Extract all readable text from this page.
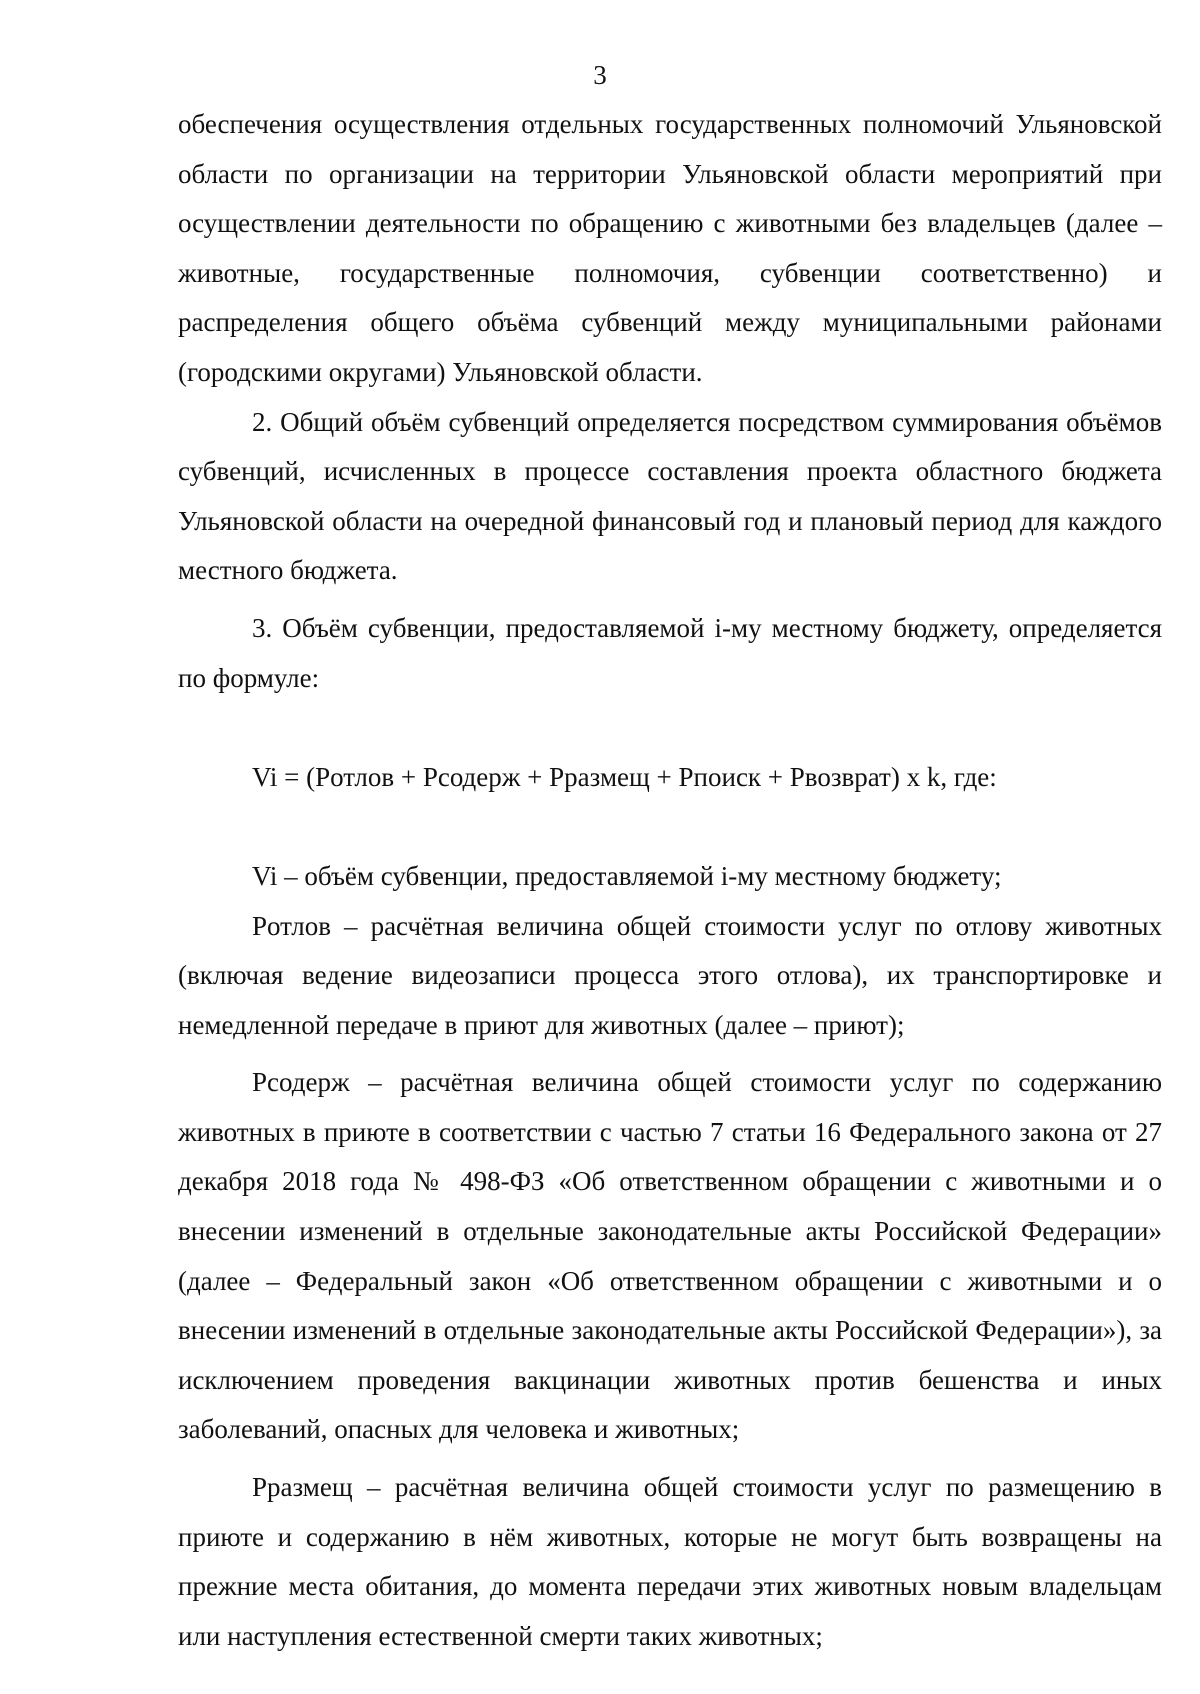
3

обеспечения осуществления отдельных государственных полномочий Ульяновской области по организации на территории Ульяновской области мероприятий при осуществлении деятельности по обращению с животными без владельцев (далее – животные, государственные полномочия, субвенции соответственно) и распределения общего объёма субвенций между муниципальными районами (городскими округами) Ульяновской области.

2. Общий объём субвенций определяется посредством суммирования объёмов субвенций, исчисленных в процессе составления проекта областного бюджета Ульяновской области на очередной финансовый год и плановый период для каждого местного бюджета.

3. Объём субвенции, предоставляемой i-му местному бюджету, определяется по формуле:

Vi = (Pотлов + Pсодерж + Pразмещ + Pпоиск + Pвозврат) x k, где:

Vi – объём субвенции, предоставляемой i-му местному бюджету;

Pотлов – расчётная величина общей стоимости услуг по отлову животных (включая ведение видеозаписи процесса этого отлова), их транспортировке и немедленной передаче в приют для животных (далее – приют);

Pсодерж – расчётная величина общей стоимости услуг по содержанию животных в приюте в соответствии с частью 7 статьи 16 Федерального закона от 27 декабря 2018 года № 498-ФЗ «Об ответственном обращении с животными и о внесении изменений в отдельные законодательные акты Российской Федерации» (далее – Федеральный закон «Об ответственном обращении с животными и о внесении изменений в отдельные законодательные акты Российской Федерации»), за исключением проведения вакцинации животных против бешенства и иных заболеваний, опасных для человека и животных;

Pразмещ – расчётная величина общей стоимости услуг по размещению в приюте и содержанию в нём животных, которые не могут быть возвращены на прежние места обитания, до момента передачи этих животных новым владельцам или наступления естественной смерти таких животных;
